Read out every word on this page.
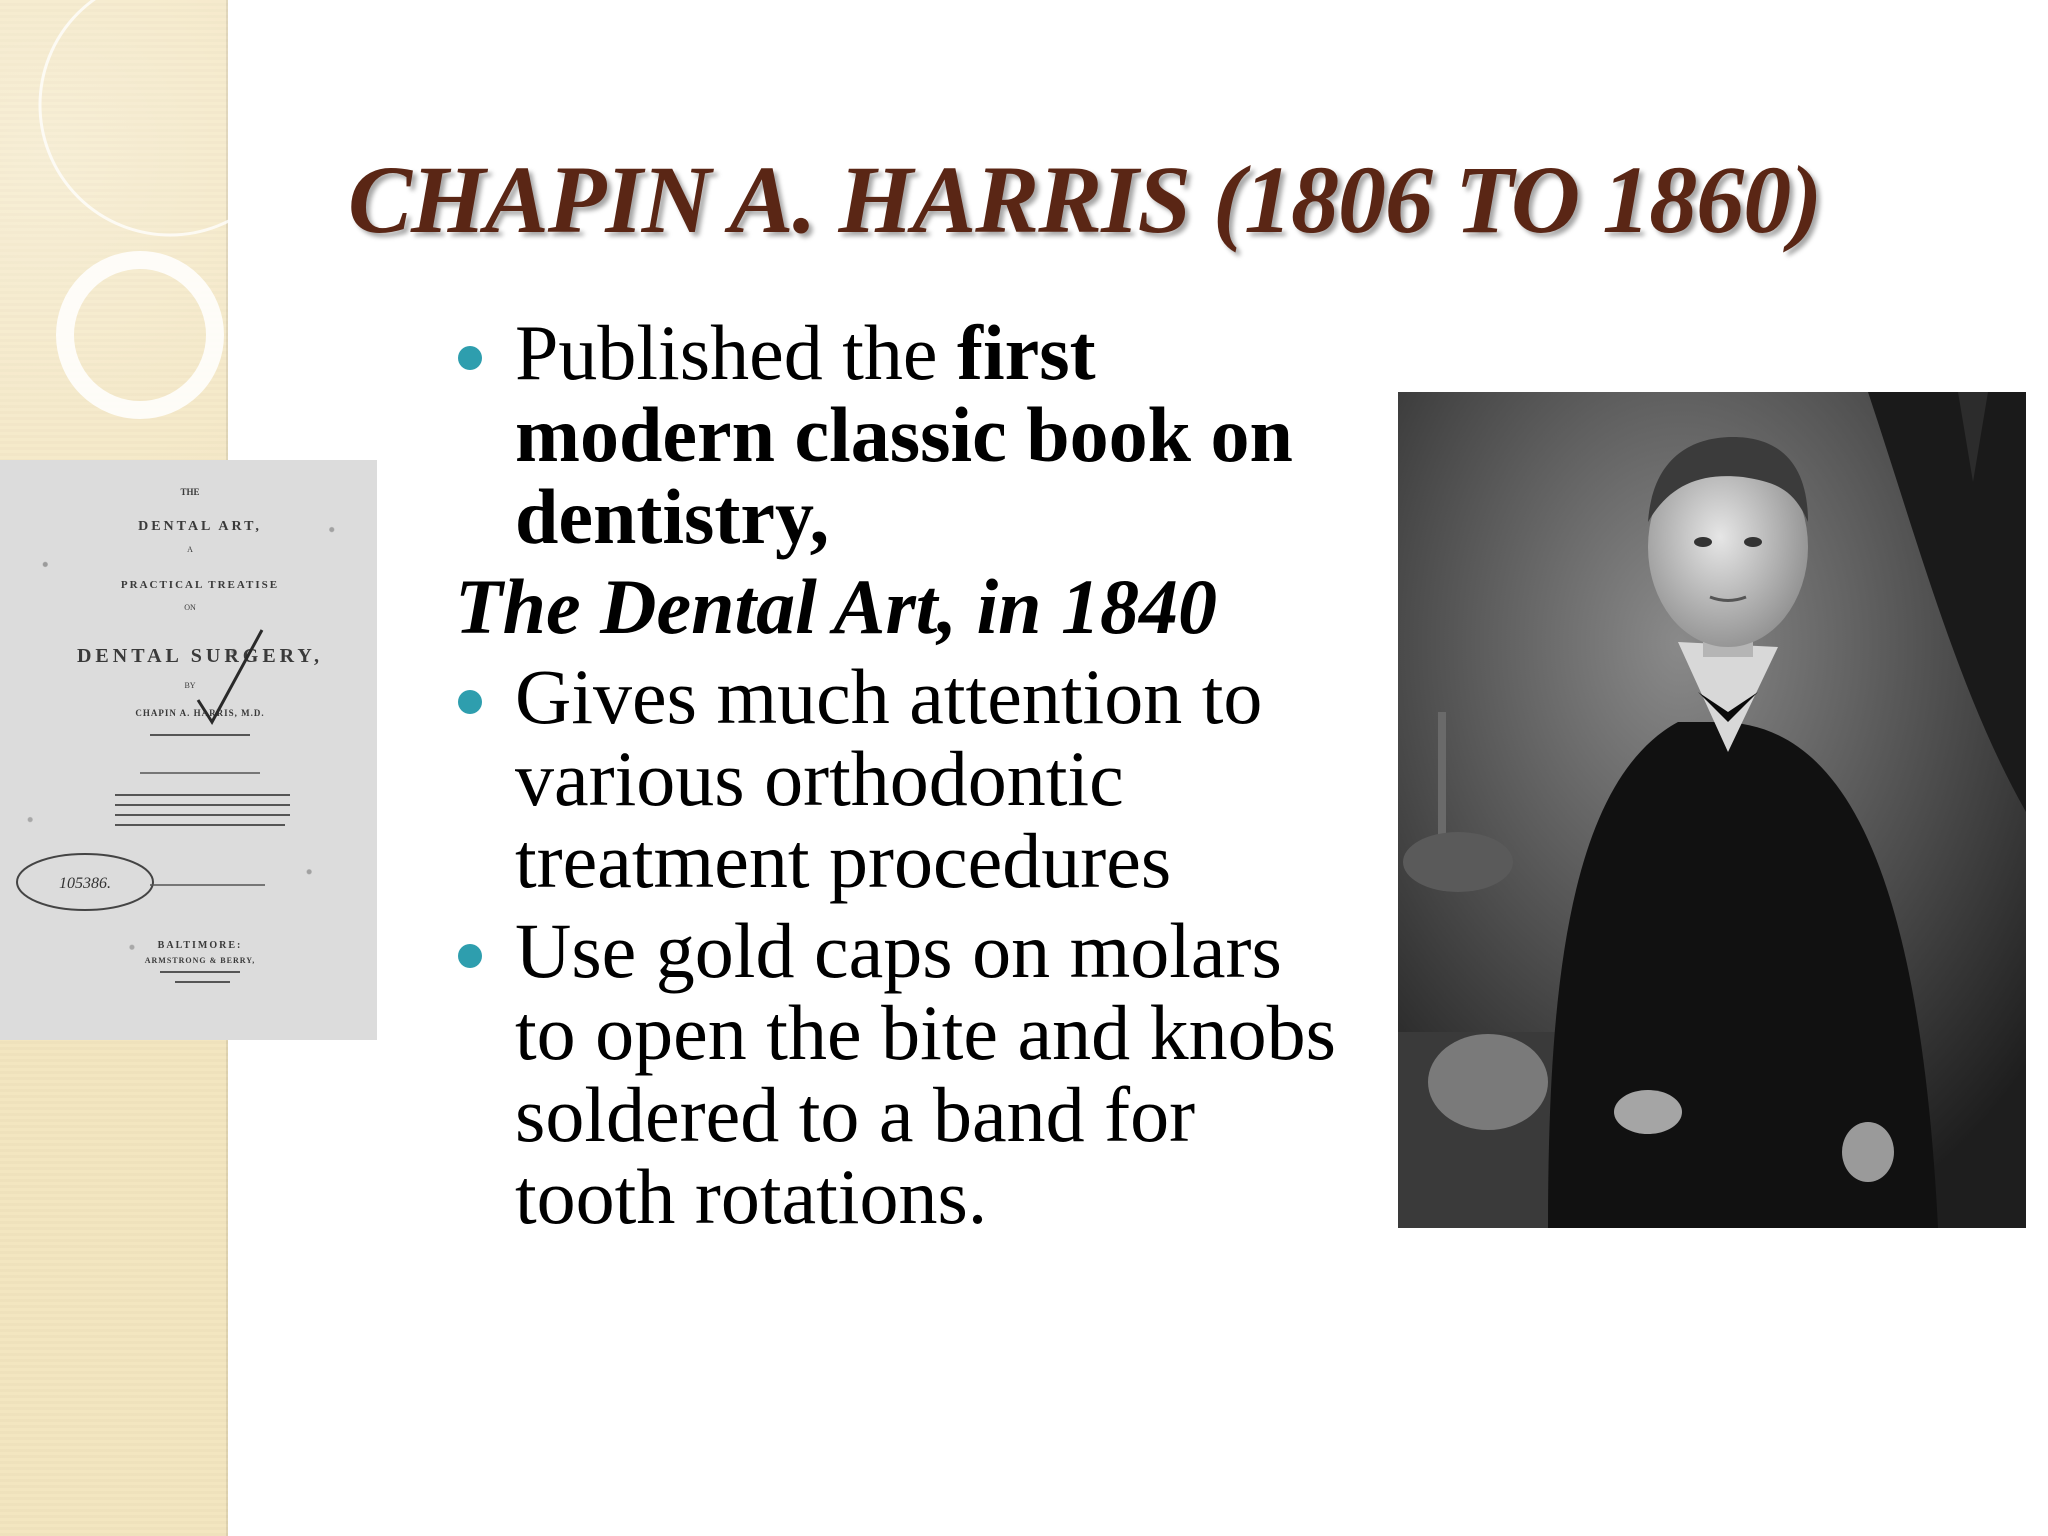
CHAPIN A. HARRIS (1806 TO 1860)
Published the first modern classic book on dentistry,
The Dental Art, in 1840
Gives much attention to various orthodontic treatment procedures
Use gold caps on molars to open the bite and knobs soldered to a band for tooth rotations.
THE
DENTAL ART,
A
PRACTICAL TREATISE
ON
DENTAL SURGERY,
BY
CHAPIN A. HARRIS, M.D.
BALTIMORE:
ARMSTRONG & BERRY,
105386.
